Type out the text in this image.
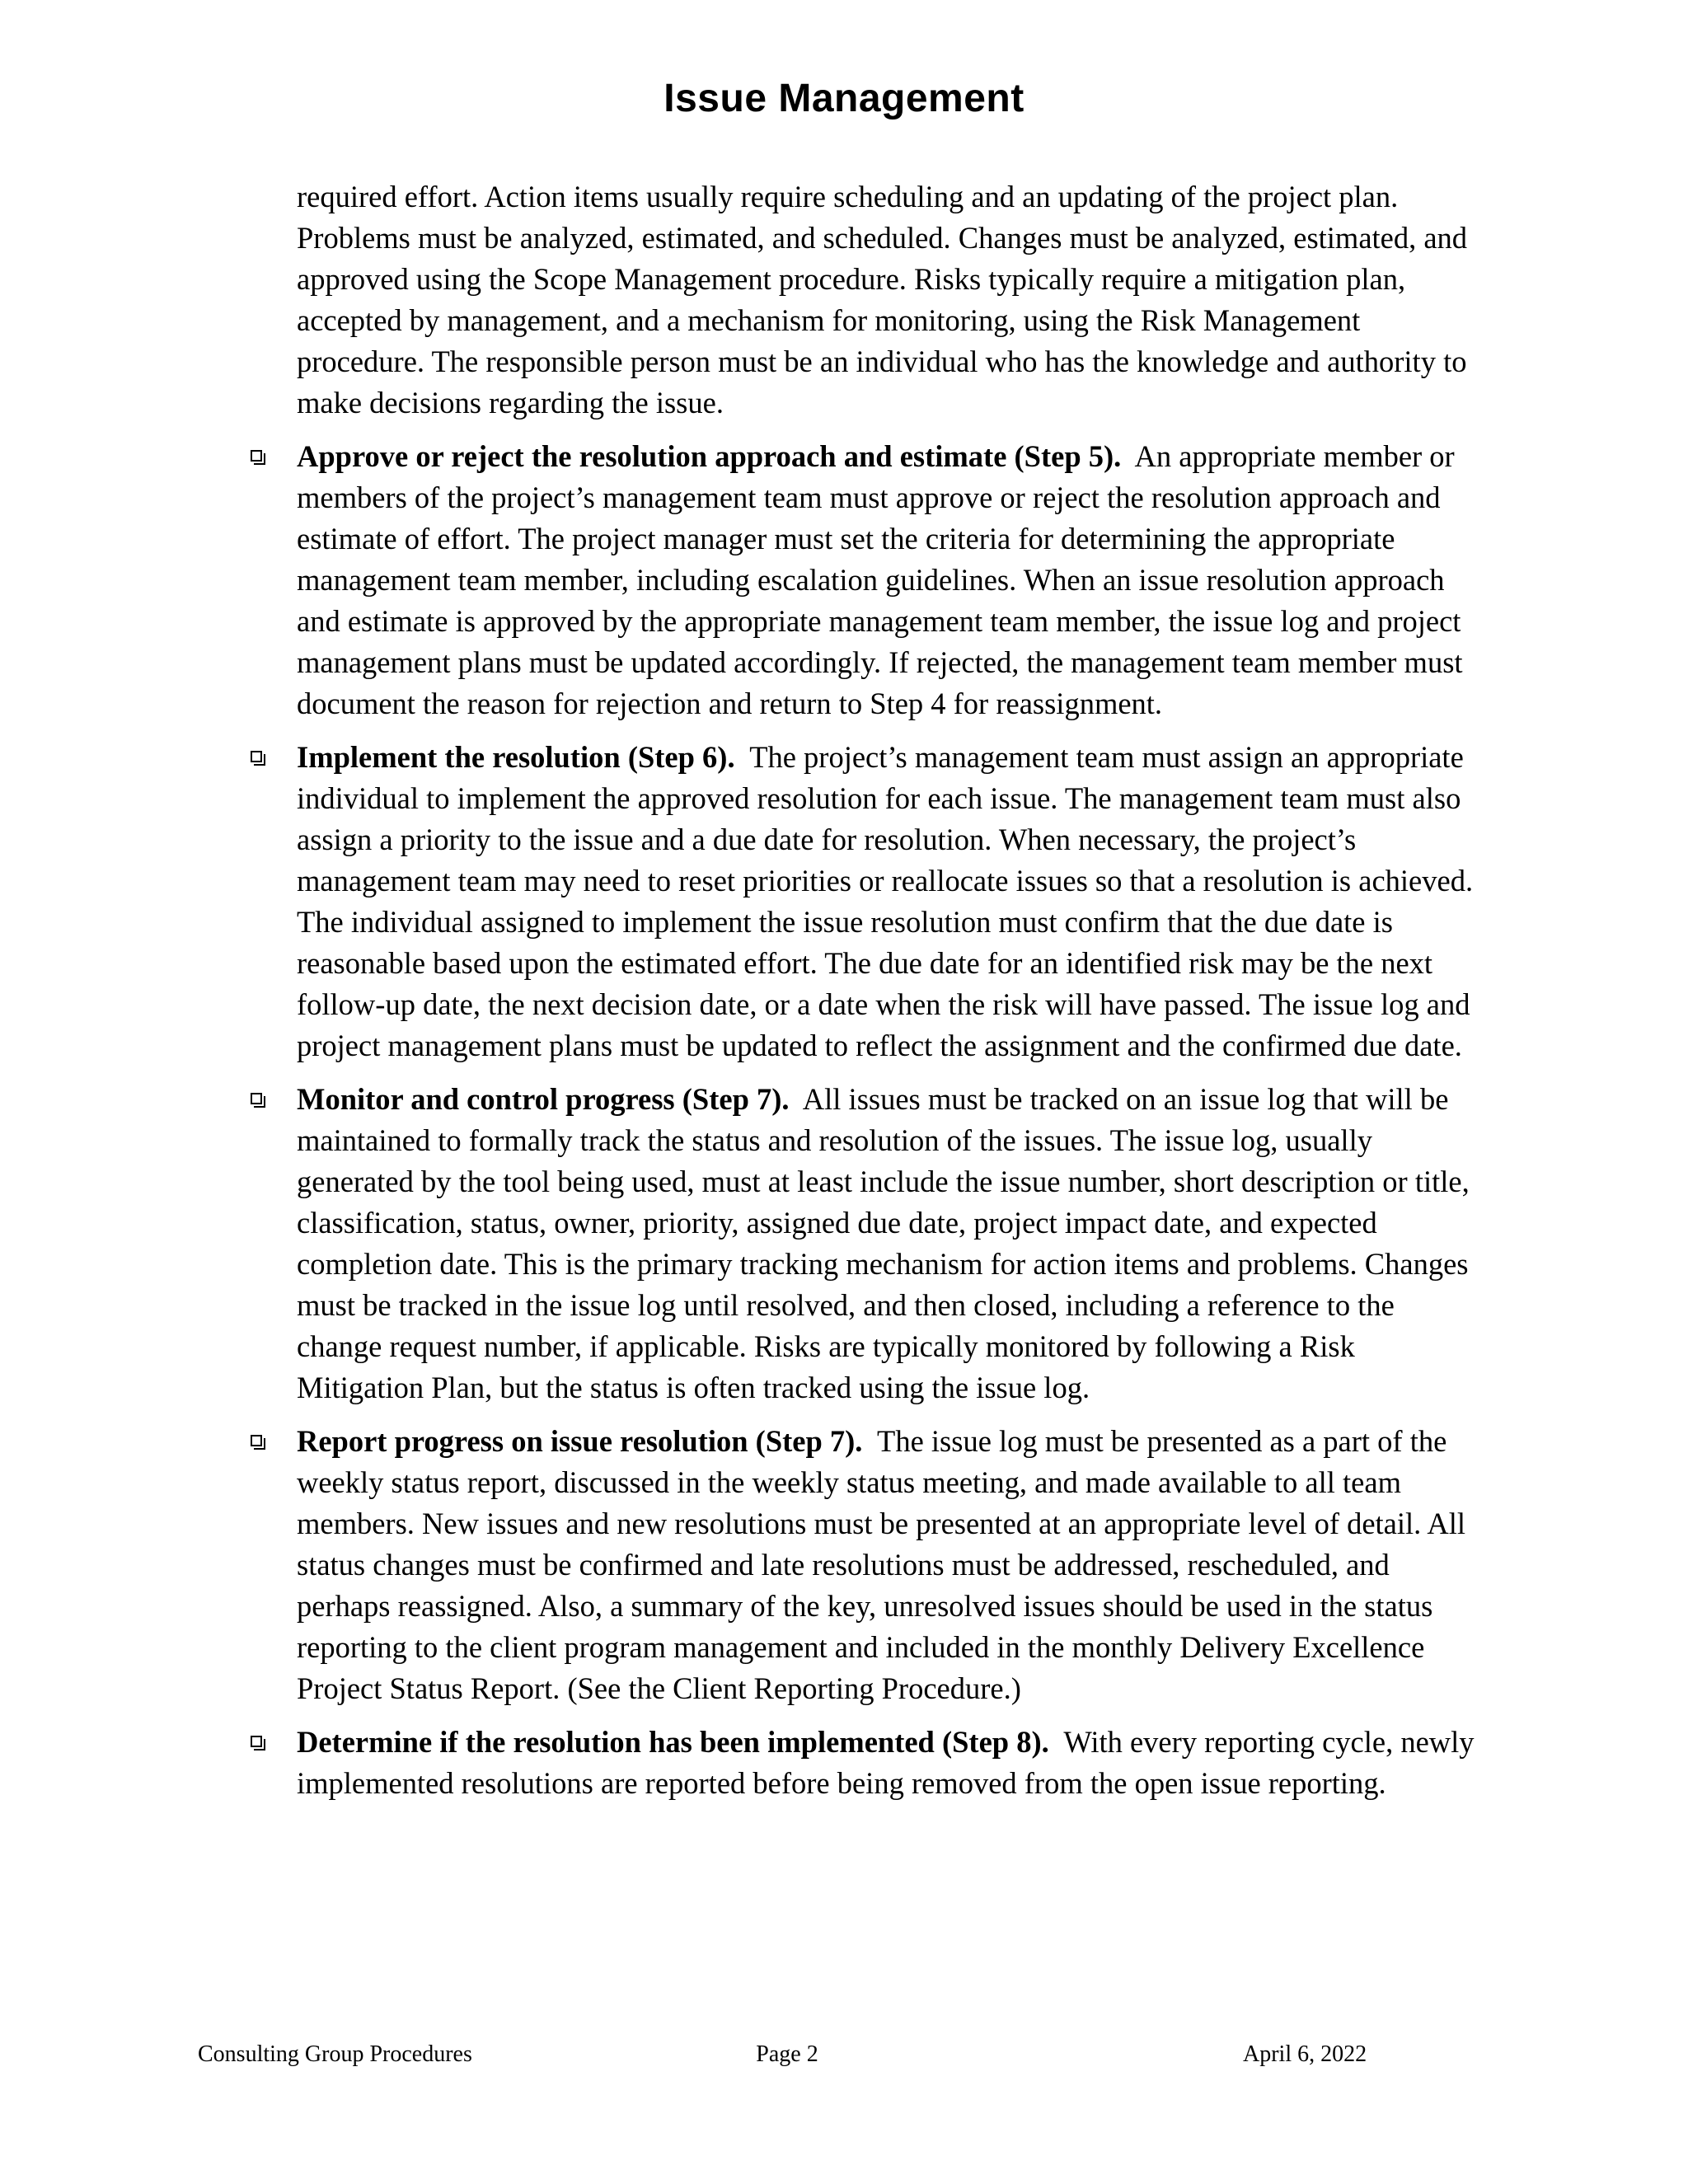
Issue Management

required effort. Action items usually require scheduling and an updating of the project plan. Problems must be analyzed, estimated, and scheduled. Changes must be analyzed, estimated, and approved using the Scope Management procedure. Risks typically require a mitigation plan, accepted by management, and a mechanism for monitoring, using the Risk Management procedure. The responsible person must be an individual who has the knowledge and authority to make decisions regarding the issue.

Approve or reject the resolution approach and estimate (Step 5). An appropriate member or members of the project’s management team must approve or reject the resolution approach and estimate of effort. The project manager must set the criteria for determining the appropriate management team member, including escalation guidelines. When an issue resolution approach and estimate is approved by the appropriate management team member, the issue log and project management plans must be updated accordingly. If rejected, the management team member must document the reason for rejection and return to Step 4 for reassignment.

Implement the resolution (Step 6). The project’s management team must assign an appropriate individual to implement the approved resolution for each issue. The management team must also assign a priority to the issue and a due date for resolution. When necessary, the project’s management team may need to reset priorities or reallocate issues so that a resolution is achieved. The individual assigned to implement the issue resolution must confirm that the due date is reasonable based upon the estimated effort. The due date for an identified risk may be the next follow-up date, the next decision date, or a date when the risk will have passed. The issue log and project management plans must be updated to reflect the assignment and the confirmed due date.

Monitor and control progress (Step 7). All issues must be tracked on an issue log that will be maintained to formally track the status and resolution of the issues. The issue log, usually generated by the tool being used, must at least include the issue number, short description or title, classification, status, owner, priority, assigned due date, project impact date, and expected completion date. This is the primary tracking mechanism for action items and problems. Changes must be tracked in the issue log until resolved, and then closed, including a reference to the change request number, if applicable. Risks are typically monitored by following a Risk Mitigation Plan, but the status is often tracked using the issue log.

Report progress on issue resolution (Step 7). The issue log must be presented as a part of the weekly status report, discussed in the weekly status meeting, and made available to all team members. New issues and new resolutions must be presented at an appropriate level of detail. All status changes must be confirmed and late resolutions must be addressed, rescheduled, and perhaps reassigned. Also, a summary of the key, unresolved issues should be used in the status reporting to the client program management and included in the monthly Delivery Excellence Project Status Report. (See the Client Reporting Procedure.)

Determine if the resolution has been implemented (Step 8). With every reporting cycle, newly implemented resolutions are reported before being removed from the open issue reporting.

Consulting Group Procedures	Page 2	April 6, 2022
